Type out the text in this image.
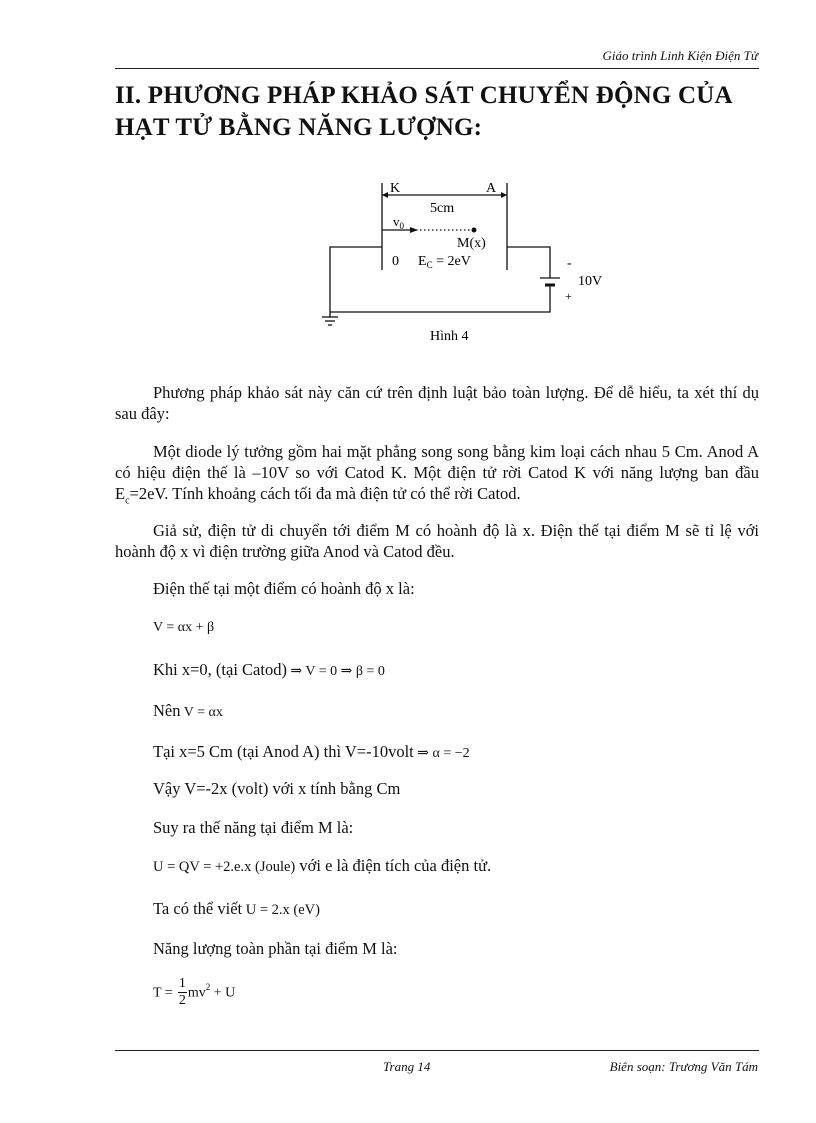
Giáo trình Linh Kiện Điện Tử
II. PHƯƠNG PHÁP KHẢO SÁT CHUYỂN ĐỘNG CỦA HẠT TỬ BẰNG NĂNG LƯỢNG:
K	A
5cm
$v_0$
M(x)
0 $E_C = 2eV$	-
10V
+
Hình 4
Phương pháp khảo sát này căn cứ trên định luật bảo toàn lượng. Để dễ hiểu, ta xét thí dụ sau đây:
Một diode lý tưởng gồm hai mặt phẳng song song bằng kim loại cách nhau 5 Cm. Anod A có hiệu điện thế là –10V so với Catod K. Một điện tử rời Catod K với năng lượng ban đầu $E_c=2eV$. Tính khoảng cách tối đa mà điện tử có thể rời Catod.
Giả sử, điện tử di chuyển tới điểm M có hoành độ là x. Điện thế tại điểm M sẽ tỉ lệ với hoành độ x vì điện trường giữa Anod và Catod đều.
Điện thế tại một điểm có hoành độ x là:
V = αx + β
Khi x=0, (tại Catod) ⇒ V = 0 ⇒ β = 0
Nên V = αx
Tại x=5 Cm (tại Anod A) thì V=-10volt ⇒ α = −2
Vậy V=-2x (volt) với x tính bằng Cm
Suy ra thế năng tại điểm M là:
U = QV = +2.e.x (Joule) với e là điện tích của điện tử.
Ta có thể viết U = 2.x (eV)
Năng lượng toàn phần tại điểm M là:
$T = \frac{1}{2} mv^2 + U$
Trang 14	Biên soạn: Trương Văn Tám
